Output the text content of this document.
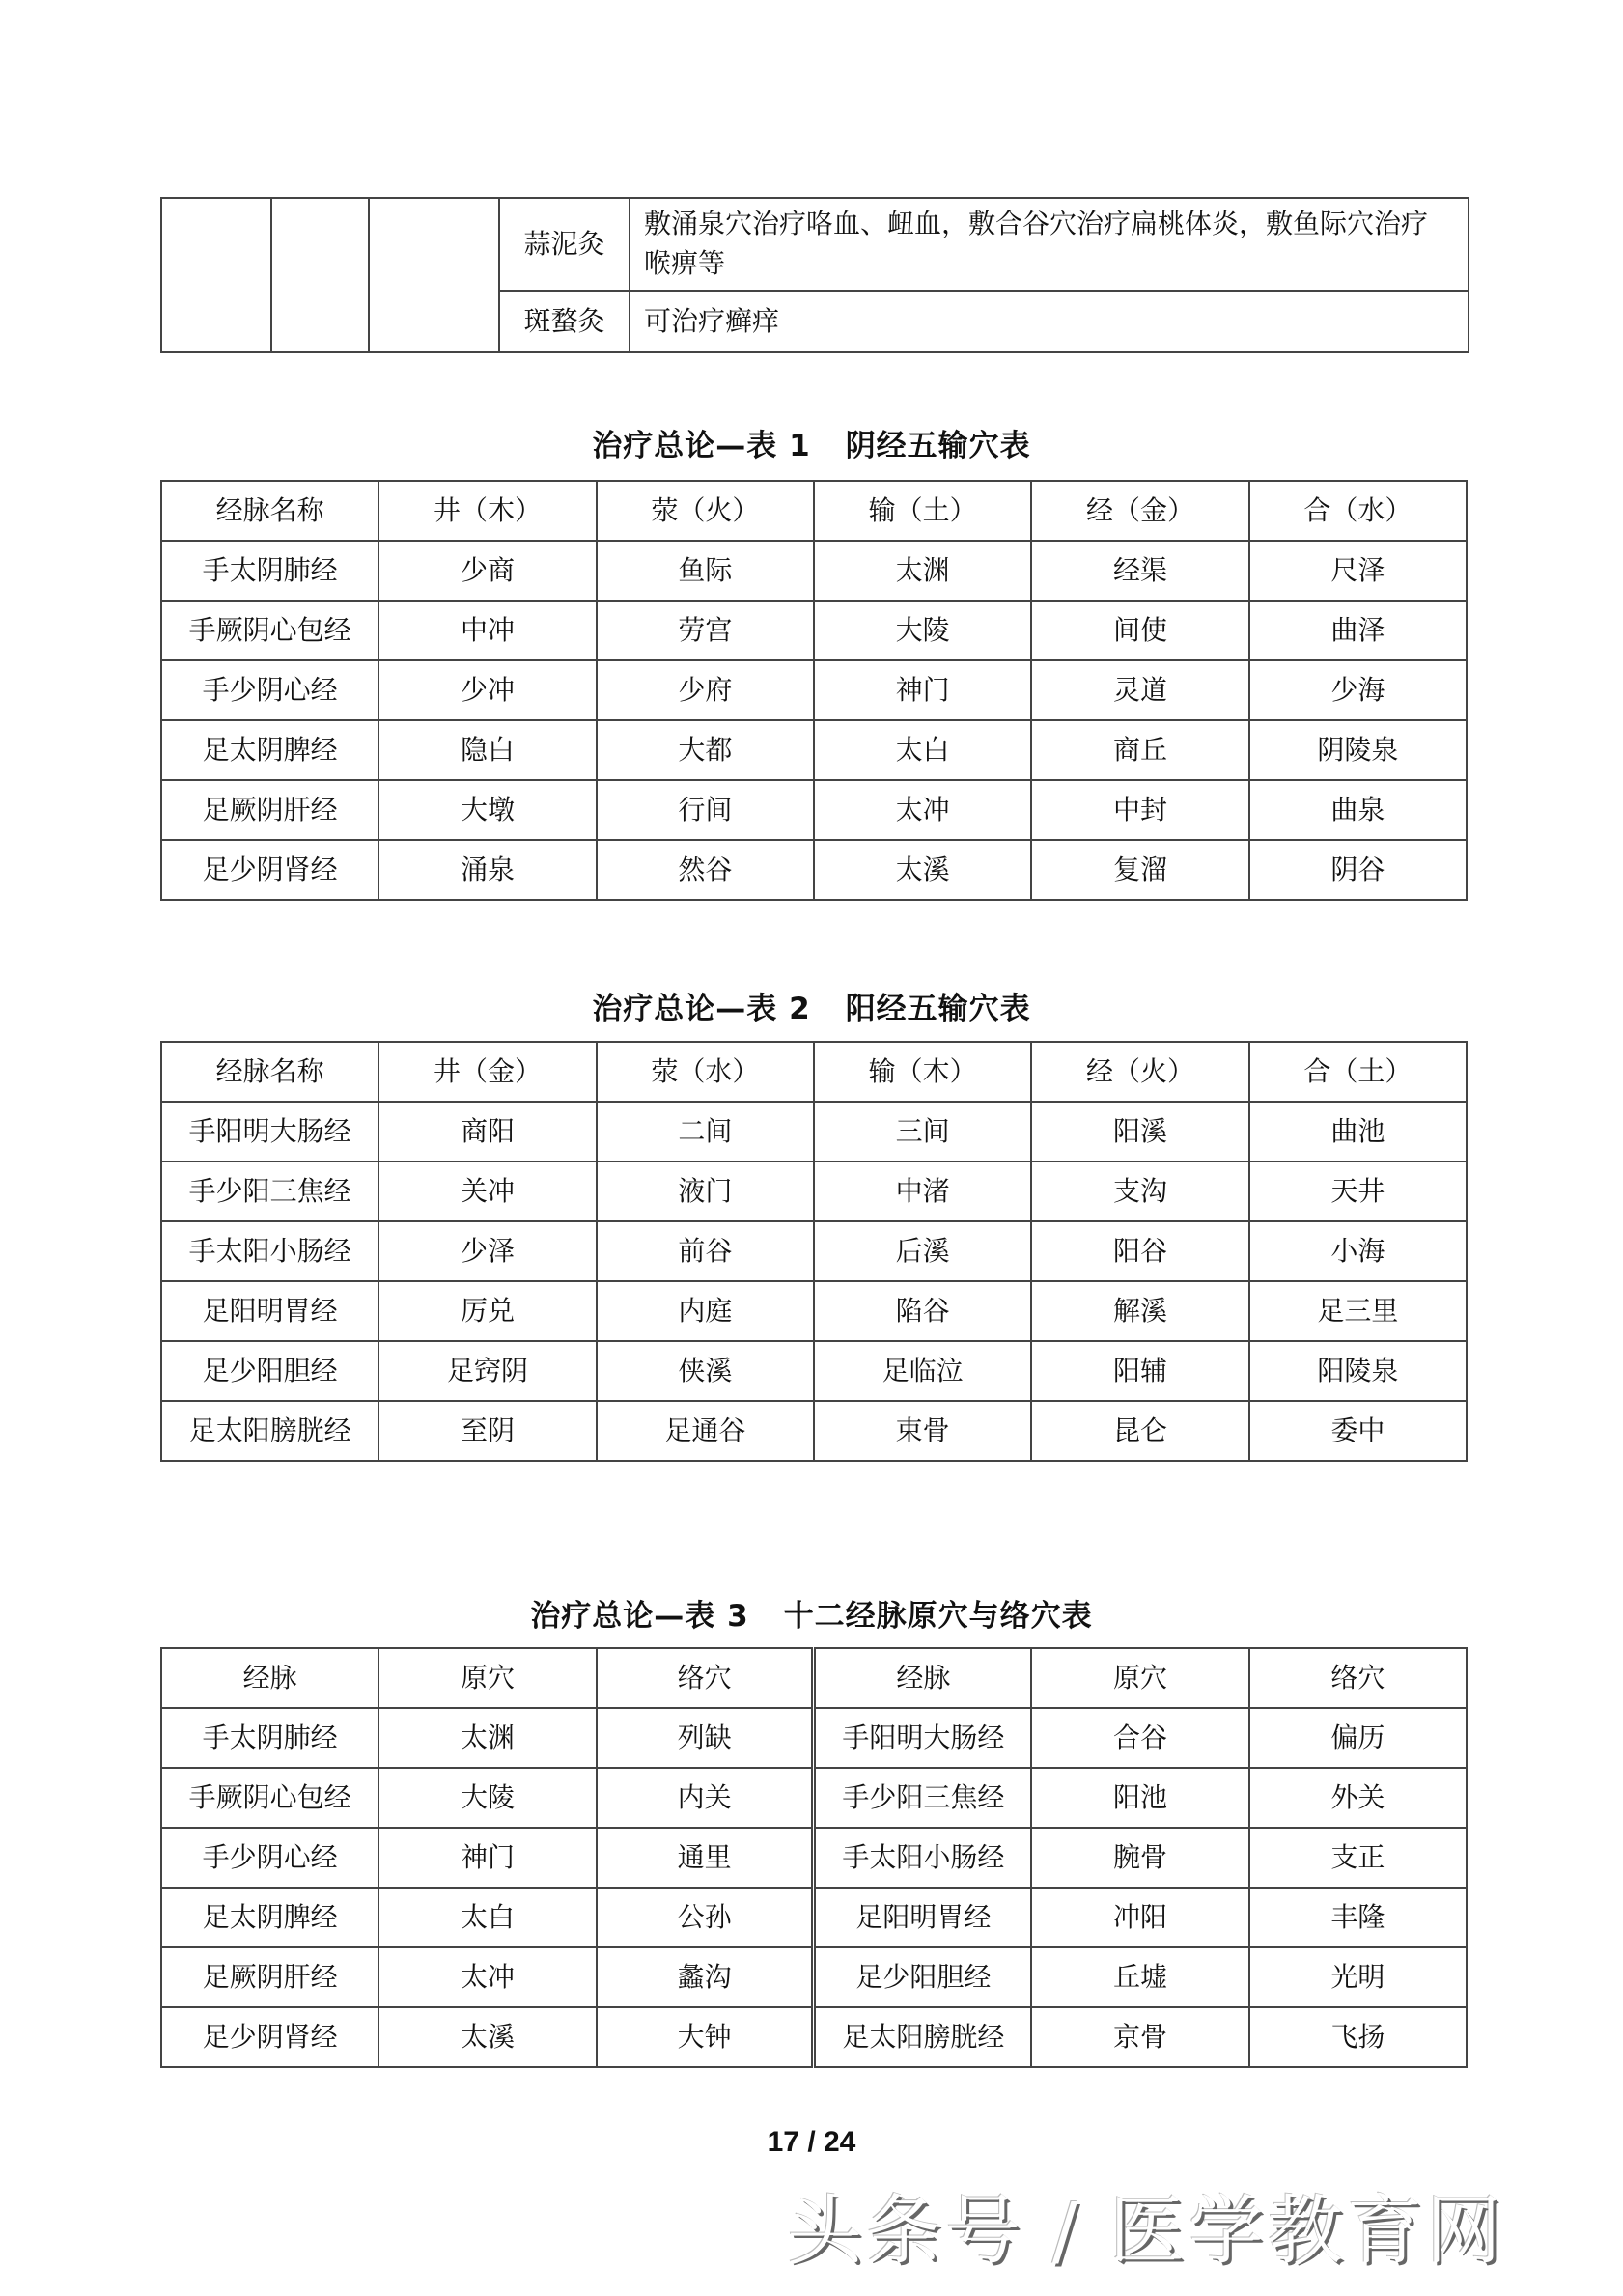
			蒜泥灸	敷涌泉穴治疗咯血、衄血，敷合谷穴治疗扁桃体炎，敷鱼际穴治疗喉痹等
			斑蝥灸	可治疗癣痒
治疗总论—表 1 阴经五输穴表
经脉名称	井（木）	荥（火）	输（土）	经（金）	合（水）
手太阴肺经	少商	鱼际	太渊	经渠	尺泽
手厥阴心包经	中冲	劳宫	大陵	间使	曲泽
手少阴心经	少冲	少府	神门	灵道	少海
足太阴脾经	隐白	大都	太白	商丘	阴陵泉
足厥阴肝经	大墩	行间	太冲	中封	曲泉
足少阴肾经	涌泉	然谷	太溪	复溜	阴谷
治疗总论—表 2 阳经五输穴表
经脉名称	井（金）	荥（水）	输（木）	经（火）	合（土）
手阳明大肠经	商阳	二间	三间	阳溪	曲池
手少阳三焦经	关冲	液门	中渚	支沟	天井
手太阳小肠经	少泽	前谷	后溪	阳谷	小海
足阳明胃经	厉兑	内庭	陷谷	解溪	足三里
足少阳胆经	足窍阴	侠溪	足临泣	阳辅	阳陵泉
足太阳膀胱经	至阴	足通谷	束骨	昆仑	委中
治疗总论—表 3 十二经脉原穴与络穴表
经脉	原穴	络穴	经脉	原穴	络穴
手太阴肺经	太渊	列缺	手阳明大肠经	合谷	偏历
手厥阴心包经	大陵	内关	手少阳三焦经	阳池	外关
手少阴心经	神门	通里	手太阳小肠经	腕骨	支正
足太阴脾经	太白	公孙	足阳明胃经	冲阳	丰隆
足厥阴肝经	太冲	蠡沟	足少阳胆经	丘墟	光明
足少阴肾经	太溪	大钟	足太阳膀胱经	京骨	飞扬
17 / 24
头条号 / 医学教育网
